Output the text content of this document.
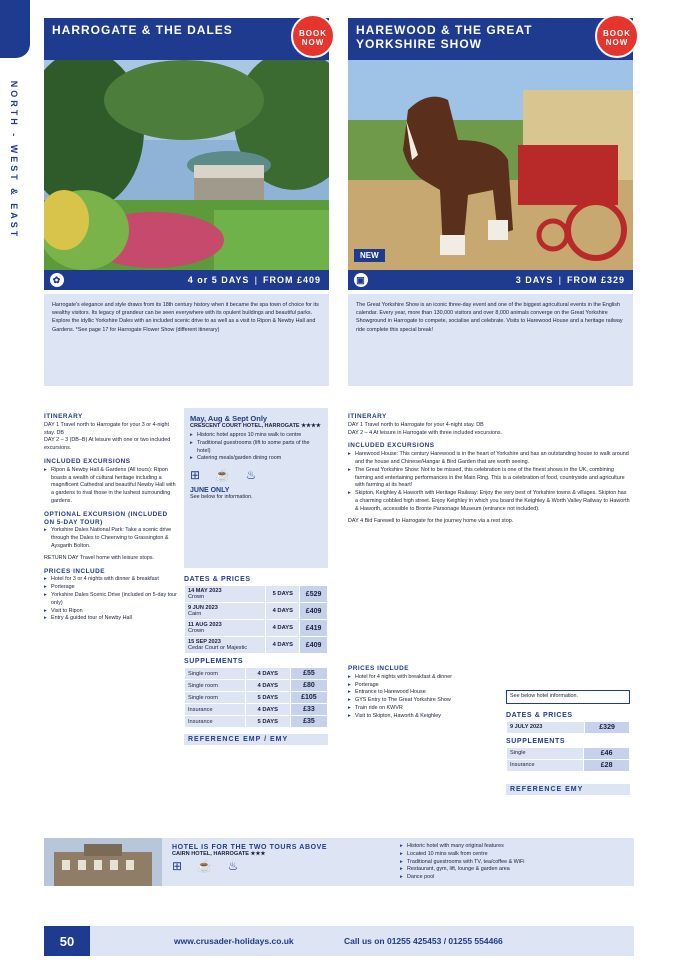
NORTH - WEST & EAST
HARROGATE & THE DALES	BOOK NOW
✿	4 or 5 DAYS | FROM £409
Harrogate's elegance and style draws from its 18th century history when it became the spa town of choice for its wealthy visitors. Its legacy of grandeur can be seen everywhere with its opulent buildings and beautiful parks. Explore the idyllic Yorkshire Dales with an included scenic drive to as well as a visit to Ripon & Newby Hall and Gardens. *See page 17 for Harrogate Flower Show (different itinerary)
ITINERARY
DAY 1 Travel north to Harrogate for your 3 or 4-night stay. DB
DAY 2 – 3 (DB–B) At leisure with one or two included excursions.
INCLUDED EXCURSIONS
▸ Ripon & Newby Hall & Gardens (All tours): Ripon boasts a wealth of cultural heritage including a magnificent Cathedral and beautiful Newby Hall with a gardens to rival those in the lushest surrounding gardens.
OPTIONAL EXCURSION (INCLUDED ON 5-DAY TOUR)
▸ Yorkshire Dales National Park: Take a scenic drive through the Dales to Cheerwing to Grassington & Aysgarth Bolton.
RETURN DAY Travel home with leisure stops.
PRICES INCLUDE
▸ Hotel for 3 or 4 nights with dinner & breakfast
▸ Porterage
▸ Yorkshire Dales Scenic Drive (included on 5-day tour only)
▸ Visit to Ripon
▸ Entry & guided tour of Newby Hall
May, Aug & Sept Only
CRESCENT COURT HOTEL, HARROGATE ★★★★
▸ Historic hotel approx 10 mins walk to centre
▸ Traditional guestrooms (lift to some parts of the hotel)
▸ Catering meals/garden dining room
⊞ ☕ ♨
JUNE ONLY
See below for information.
DATES & PRICES
14 MAY 2023
Crown	5 DAYS	£529
9 JUN 2023
Cairn	4 DAYS	£409
11 AUG 2023
Crown	4 DAYS	£419
15 SEP 2023
Cedar Court or Majestic	4 DAYS	£409
SUPPLEMENTS
Single room	4 DAYS	£55
Single room	4 DAYS	£80
Single room	5 DAYS	£105
Insurance	4 DAYS	£33
Insurance	5 DAYS	£35
REFERENCE EMP / EMY
HAREWOOD & THE GREAT YORKSHIRE SHOW
BOOK NOW
NEW
▣	3 DAYS | FROM £329
The Great Yorkshire Show is an iconic three-day event and one of the biggest agricultural events in the English calendar. Every year, more than 130,000 visitors and over 8,000 animals converge on the Great Yorkshire Showground in Harrogate to compete, socialise and celebrate. Visits to Harewood House and a heritage railway ride complete this special break!
ITINERARY
DAY 1 Travel north to Harrogate for your 4-night stay. DB
DAY 2 – 4 At leisure in Harrogate with three included excursions.
INCLUDED EXCURSIONS
▸ Harewood House: This century Harewood is in the heart of Yorkshire and has an outstanding house to walk around and the house and Chinese/Hangar & Bird Garden that are worth seeing.
▸ The Great Yorkshire Show: Not to be missed, this celebration is one of the finest shows in the UK, combining farming and entertaining performances in the Main Ring. This is a celebration of food, countryside and agriculture with farming at its heart!
▸ Skipton, Keighley & Haworth with Heritage Railway: Enjoy the very best of Yorkshire towns & villages. Skipton has a charming cobbled high street. Enjoy Keighley in which you board the Keighley & Worth Valley Railway to Haworth & Haworth, accessible to Bronte Parsonage Museum (entrance not included).
DAY 4 Bid Farewell to Harrogate for the journey home via a rest stop.
PRICES INCLUDE
▸ Hotel for 4 nights with breakfast & dinner
▸ Porterage
▸ Entrance to Harewood House
▸ GYS Entry to The Great Yorkshire Show
▸ Train ride on KWVR
▸ Visit to Skipton, Haworth & Keighley
See below hotel information.
DATES & PRICES
9 JULY 2023	£329
SUPPLEMENTS
Single	£46
Insurance	£28
REFERENCE EMY
HOTEL IS FOR THE TWO TOURS ABOVE
CAIRN HOTEL, HARROGATE ★★★
⊞ ☕ ♨
▸ Historic hotel with many original features
▸ Located 10 mins walk from centre
▸ Traditional guestrooms with TV, tea/coffee & WiFi
▸ Restaurant, gym, lift, lounge & garden area
▸ Dance pool
www.crusader-holidays.co.uk	Call us on 01255 425453 / 01255 554466
50
